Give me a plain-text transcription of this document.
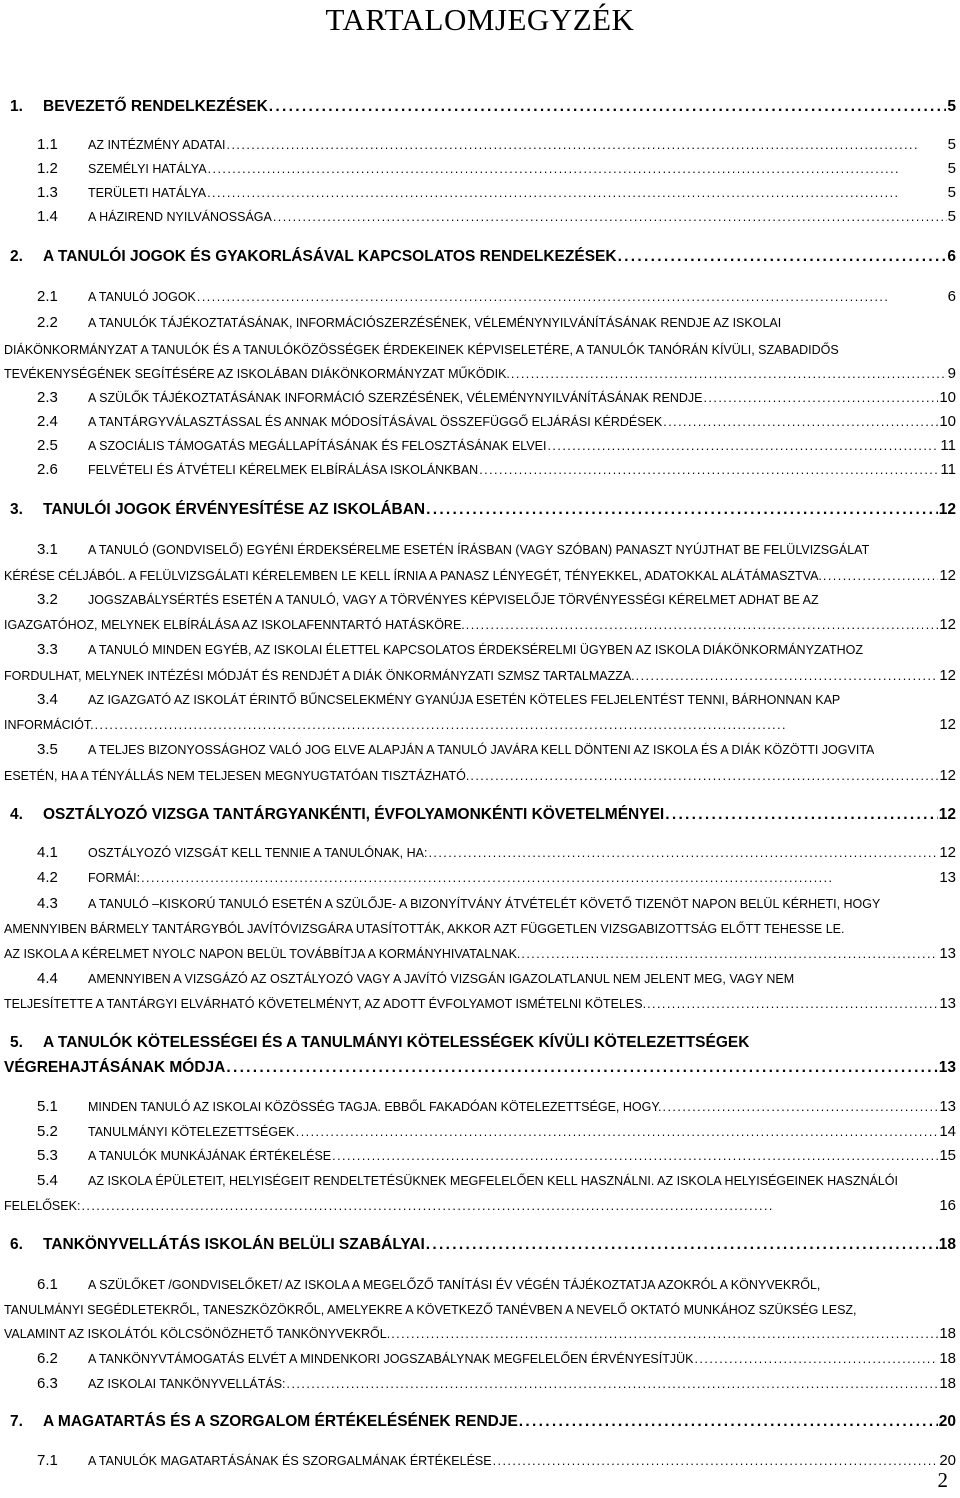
TARTALOMJEGYZÉK
1. BEVEZETŐ RENDELKEZÉSEK . . .	5
1.1 AZ INTÉZMÉNY ADATAI . . .	5
1.2 SZEMÉLYI HATÁLYA . . .	5
1.3 TERÜLETI HATÁLYA . . .	5
1.4 A HÁZIREND NYILVÁNOSSÁGA . . .	5
2. A TANULÓI JOGOK ÉS GYAKORLÁSÁVAL KAPCSOLATOS RENDELKEZÉSEK . . .	6
2.1 A TANULÓ JOGOK . . .	6
2.2 A TANULÓK TÁJÉKOZTATÁSÁNAK, INFORMÁCIÓSZERZÉSÉNEK, VÉLEMÉNYNYILVÁNÍTÁSÁNAK RENDJE AZ ISKOLAI
DIÁKÖNKORMÁNYZAT A TANULÓK ÉS A TANULÓKÖZÖSSÉGEK ÉRDEKEINEK KÉPVISELETÉRE, A TANULÓK TANÓRÁN KÍVÜLI, SZABADIDŐS
TEVÉKENYSÉGÉNEK SEGÍTÉSÉRE AZ ISKOLÁBAN DIÁKÖNKORMÁNYZAT MŰKÖDIK. . . .	9
2.3 A SZÜLŐK TÁJÉKOZTATÁSÁNAK INFORMÁCIÓ SZERZÉSÉNEK, VÉLEMÉNYNYILVÁNÍTÁSÁNAK RENDJE . . .	10
2.4 A TANTÁRGYVÁLASZTÁSSAL ÉS ANNAK MÓDOSÍTÁSÁVAL ÖSSZEFÜGGŐ ELJÁRÁSI KÉRDÉSEK . . .	10
2.5 A SZOCIÁLIS TÁMOGATÁS MEGÁLLAPÍTÁSÁNAK ÉS FELOSZTÁSÁNAK ELVEI . . .	11
2.6 FELVÉTELI ÉS ÁTVÉTELI KÉRELMEK ELBÍRÁLÁSA ISKOLÁNKBAN . . .	11
3. TANULÓI JOGOK ÉRVÉNYESÍTÉSE AZ ISKOLÁBAN . . .	12
3.1 A TANULÓ (GONDVISELŐ) EGYÉNI ÉRDEKSÉRELME ESETÉN ÍRÁSBAN (VAGY SZÓBAN) PANASZT NYÚJTHAT BE FELÜLVIZSGÁLAT
KÉRÉSE CÉLJÁBÓL. A FELÜLVIZSGÁLATI KÉRELEMBEN LE KELL ÍRNIA A PANASZ LÉNYEGÉT, TÉNYEKKEL, ADATOKKAL ALÁTÁMASZTVA. . . .	12
3.2 JOGSZABÁLYSÉRTÉS ESETÉN A TANULÓ, VAGY A TÖRVÉNYES KÉPVISELŐJE TÖRVÉNYESSÉGI KÉRELMET ADHAT BE AZ
IGAZGATÓHOZ, MELYNEK ELBÍRÁLÁSA AZ ISKOLAFENNTARTÓ HATÁSKÖRE. . . .	12
3.3 A TANULÓ MINDEN EGYÉB, AZ ISKOLAI ÉLETTEL KAPCSOLATOS ÉRDEKSÉRELMI ÜGYBEN AZ ISKOLA DIÁKÖNKORMÁNYZATHOZ
FORDULHAT, MELYNEK INTÉZÉSI MÓDJÁT ÉS RENDJÉT A DIÁK ÖNKORMÁNYZATI SZMSZ TARTALMAZZA. . . .	12
3.4 AZ IGAZGATÓ AZ ISKOLÁT ÉRINTŐ BŰNCSELEKMÉNY GYANÚJA ESETÉN KÖTELES FELJELENTÉST TENNI, BÁRHONNAN KAP
INFORMÁCIÓT. . . .	12
3.5 A TELJES BIZONYOSSÁGHOZ VALÓ JOG ELVE ALAPJÁN A TANULÓ JAVÁRA KELL DÖNTENI AZ ISKOLA ÉS A DIÁK KÖZÖTTI JOGVITA
ESETÉN, HA A TÉNYÁLLÁS NEM TELJESEN MEGNYUGTATÓAN TISZTÁZHATÓ. . . .	12
4. OSZTÁLYOZÓ VIZSGA TANTÁRGYANKÉNTI, ÉVFOLYAMONKÉNTI KÖVETELMÉNYEI . . .	12
4.1 OSZTÁLYOZÓ VIZSGÁT KELL TENNIE A TANULÓNAK, HA: . . .	12
4.2 FORMÁI: . . .	13
4.3 A TANULÓ –KISKORÚ TANULÓ ESETÉN A SZÜLŐJE- A BIZONYÍTVÁNY ÁTVÉTELÉT KÖVETŐ TIZENÖT NAPON BELÜL KÉRHETI, HOGY
AMENNYIBEN BÁRMELY TANTÁRGYBÓL JAVÍTÓVIZSGÁRA UTASÍTOTTÁK, AKKOR AZT FÜGGETLEN VIZSGABIZOTTSÁG ELŐTT TEHESSE LE.
AZ ISKOLA A KÉRELMET NYOLC NAPON BELÜL TOVÁBBÍTJA A KORMÁNYHIVATALNAK. . . .	13
4.4 AMENNYIBEN A VIZSGÁZÓ AZ OSZTÁLYOZÓ VAGY A JAVÍTÓ VIZSGÁN IGAZOLATLANUL NEM JELENT MEG, VAGY NEM
TELJESÍTETTE A TANTÁRGYI ELVÁRHATÓ KÖVETELMÉNYT, AZ ADOTT ÉVFOLYAMOT ISMÉTELNI KÖTELES. . . .	13
5. A TANULÓK KÖTELESSÉGEI ÉS A TANULMÁNYI KÖTELESSÉGEK KÍVÜLI KÖTELEZETTSÉGEK
VÉGREHAJTÁSÁNAK MÓDJA . . .	13
5.1 MINDEN TANULÓ AZ ISKOLAI KÖZÖSSÉG TAGJA. EBBŐL FAKADÓAN KÖTELEZETTSÉGE, HOGY. . . .	13
5.2 TANULMÁNYI KÖTELEZETTSÉGEK . . .	14
5.3 A TANULÓK MUNKÁJÁNAK ÉRTÉKELÉSE . . .	15
5.4 AZ ISKOLA ÉPÜLETEIT, HELYISÉGEIT RENDELTETÉSÜKNEK MEGFELELŐEN KELL HASZNÁLNI. AZ ISKOLA HELYISÉGEINEK HASZNÁLÓI
FELELŐSEK: . . .	16
6. TANKÖNYVELLÁTÁS ISKOLÁN BELÜLI SZABÁLYAI . . .	18
6.1 A SZÜLŐKET /GONDVISELŐKET/ AZ ISKOLA A MEGELŐZŐ TANÍTÁSI ÉV VÉGÉN TÁJÉKOZTATJA AZOKRÓL A KÖNYVEKRŐL,
TANULMÁNYI SEGÉDLETEKRŐL, TANESZKÖZÖKRŐL, AMELYEKRE A KÖVETKEZŐ TANÉVBEN A NEVELŐ OKTATÓ MUNKÁHOZ SZÜKSÉG LESZ,
VALAMINT AZ ISKOLÁTÓL KÖLCSÖNÖZHETŐ TANKÖNYVEKRŐL. . . .	18
6.2 A TANKÖNYVTÁMOGATÁS ELVÉT A MINDENKORI JOGSZABÁLYNAK MEGFELELŐEN ÉRVÉNYESÍTJÜK . . .	18
6.3 AZ ISKOLAI TANKÖNYVELLÁTÁS: . . .	18
7. A MAGATARTÁS ÉS A SZORGALOM ÉRTÉKELÉSÉNEK RENDJE . . .	20
7.1 A TANULÓK MAGATARTÁSÁNAK ÉS SZORGALMÁNAK ÉRTÉKELÉSE . . .	20
2
